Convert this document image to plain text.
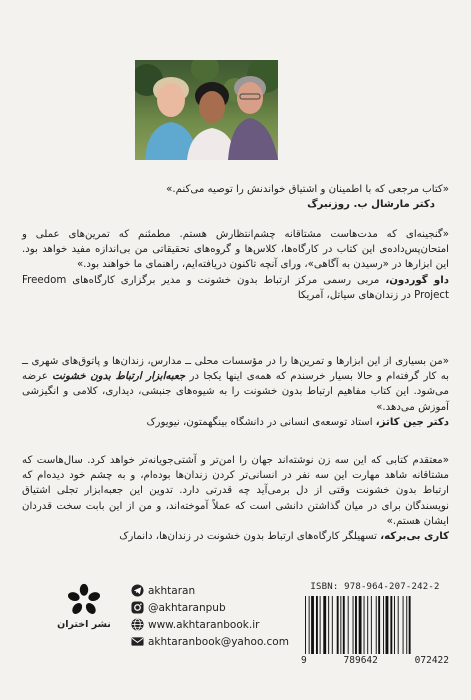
«کتاب مرجعی که با اطمینان و اشتیاق خواندنش را توصیه می‌کنم.»

دکتر مارشال ب. روزنبرگ

«گنجینه‌ای که مدت‌هاست مشتاقانه چشم‌انتظارش هستم. مطمئنم که تمرین‌های عملی و امتحان‌پس‌داده‌ی این کتاب در کارگاه‌ها، کلاس‌ها و گروه‌های تحقیقاتی من بی‌اندازه مفید خواهد بود. این ابزارها در «رسیدن به آگاهی»، ورای آنچه تاکنون دریافته‌ایم، راهنمای ما خواهند بود.»

داو گوردون، مربی رسمی مرکز ارتباط بدون خشونت و مدیر برگزاری کارگاه‌های Freedom Project در زندان‌های سیاتل، آمریکا

«من بسیاری از این ابزارها و تمرین‌ها را در مؤسسات محلی ــ مدارس، زندان‌ها و پاتوق‌های شهری ــ به کار گرفته‌ام و حالا بسیار خرسندم که همه‌ی اینها یکجا در جعبه‌ابزار ارتباط بدون خشونت عرضه می‌شود. این کتاب مفاهیم ارتباط بدون خشونت را به شیوه‌های جنبشی، دیداری، کلامی و انگیزشی آموزش می‌دهد.»

دکتر جین کاتز، استاد توسعه‌ی انسانی در دانشگاه بینگهمتون، نیویورک

«معتقدم کتابی که این سه زن نوشته‌اند جهان را امن‌تر و آشتی‌جویانه‌تر خواهد کرد. سال‌هاست که مشتاقانه شاهد مهارت این سه نفر در انسانی‌تر کردن زندان‌ها بوده‌ام، و به چشم خود دیده‌ام که ارتباط بدون خشونت وقتی از دل برمی‌آید چه قدرتی دارد. تدوین این جعبه‌ابزار تجلی اشتیاق نویسندگان برای در میان گذاشتن دانشی است که عملاً آموخته‌اند، و من از این بابت سخت قدردان ایشان هستم.»

کاری بی‌برکه، تسهیلگر کارگاه‌های ارتباط بدون خشونت در زندان‌ها، دانمارک

نشر اختران
akhtaran
@akhtaranpub
www.akhtaranbook.ir
akhtaranbook@yahoo.com
ISBN: 978-964-207-242-2
9	789642	072422
